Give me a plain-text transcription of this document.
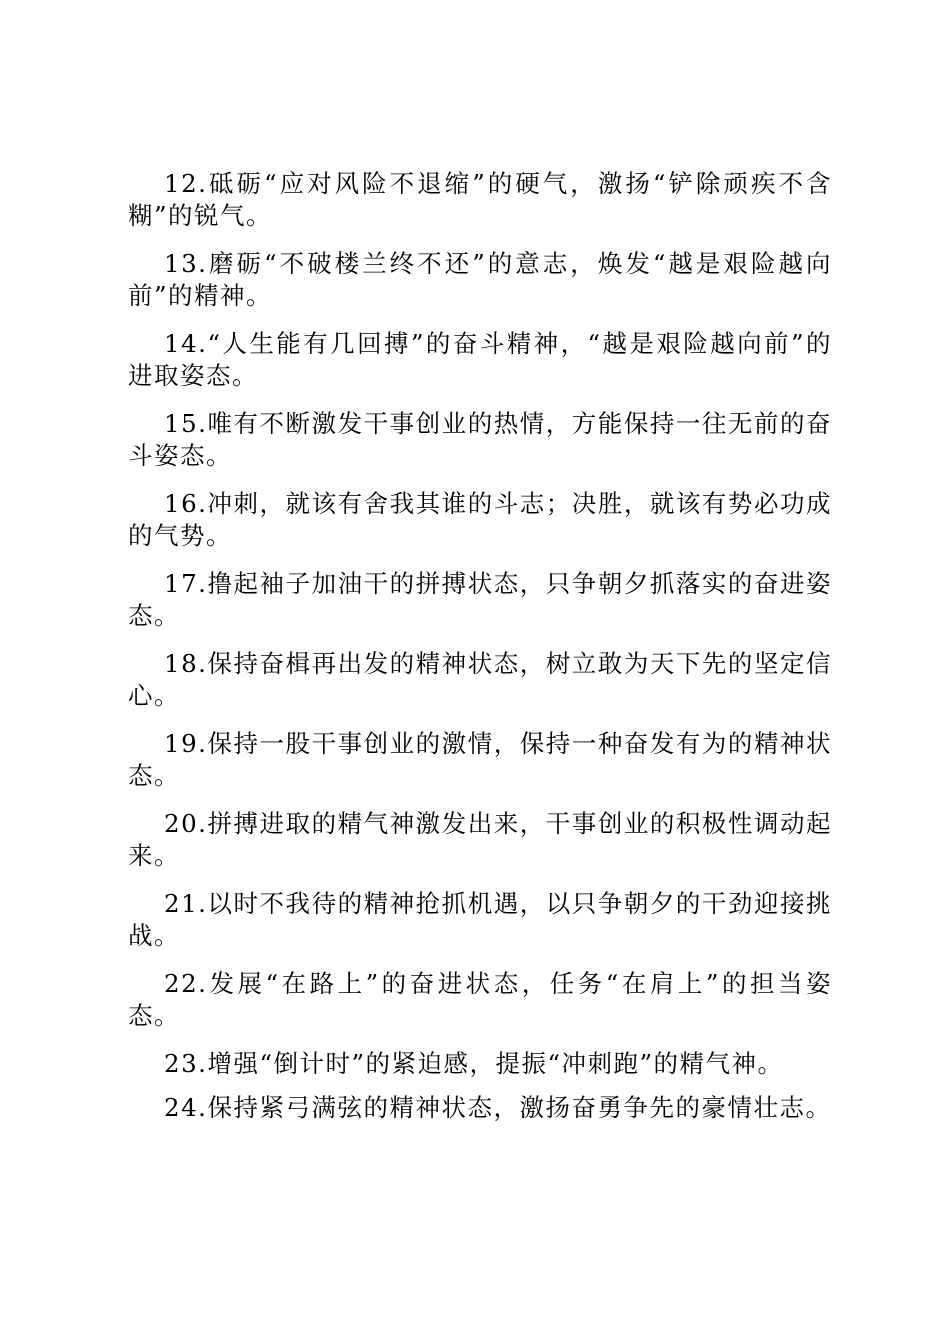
12.砥砺“应对风险不退缩”的硬气，激扬“铲除顽疾不含糊”的锐气。

13.磨砺“不破楼兰终不还”的意志，焕发“越是艰险越向前”的精神。

14.“人生能有几回搏”的奋斗精神，“越是艰险越向前”的进取姿态。

15.唯有不断激发干事创业的热情，方能保持一往无前的奋斗姿态。

16.冲刺，就该有舍我其谁的斗志；决胜，就该有势必功成的气势。

17.撸起袖子加油干的拼搏状态，只争朝夕抓落实的奋进姿态。

18.保持奋楫再出发的精神状态，树立敢为天下先的坚定信心。

19.保持一股干事创业的激情，保持一种奋发有为的精神状态。

20.拼搏进取的精气神激发出来，干事创业的积极性调动起来。

21.以时不我待的精神抢抓机遇，以只争朝夕的干劲迎接挑战。

22.发展“在路上”的奋进状态，任务“在肩上”的担当姿态。

23.增强“倒计时”的紧迫感，提振“冲刺跑”的精气神。

24.保持紧弓满弦的精神状态，激扬奋勇争先的豪情壮志。
